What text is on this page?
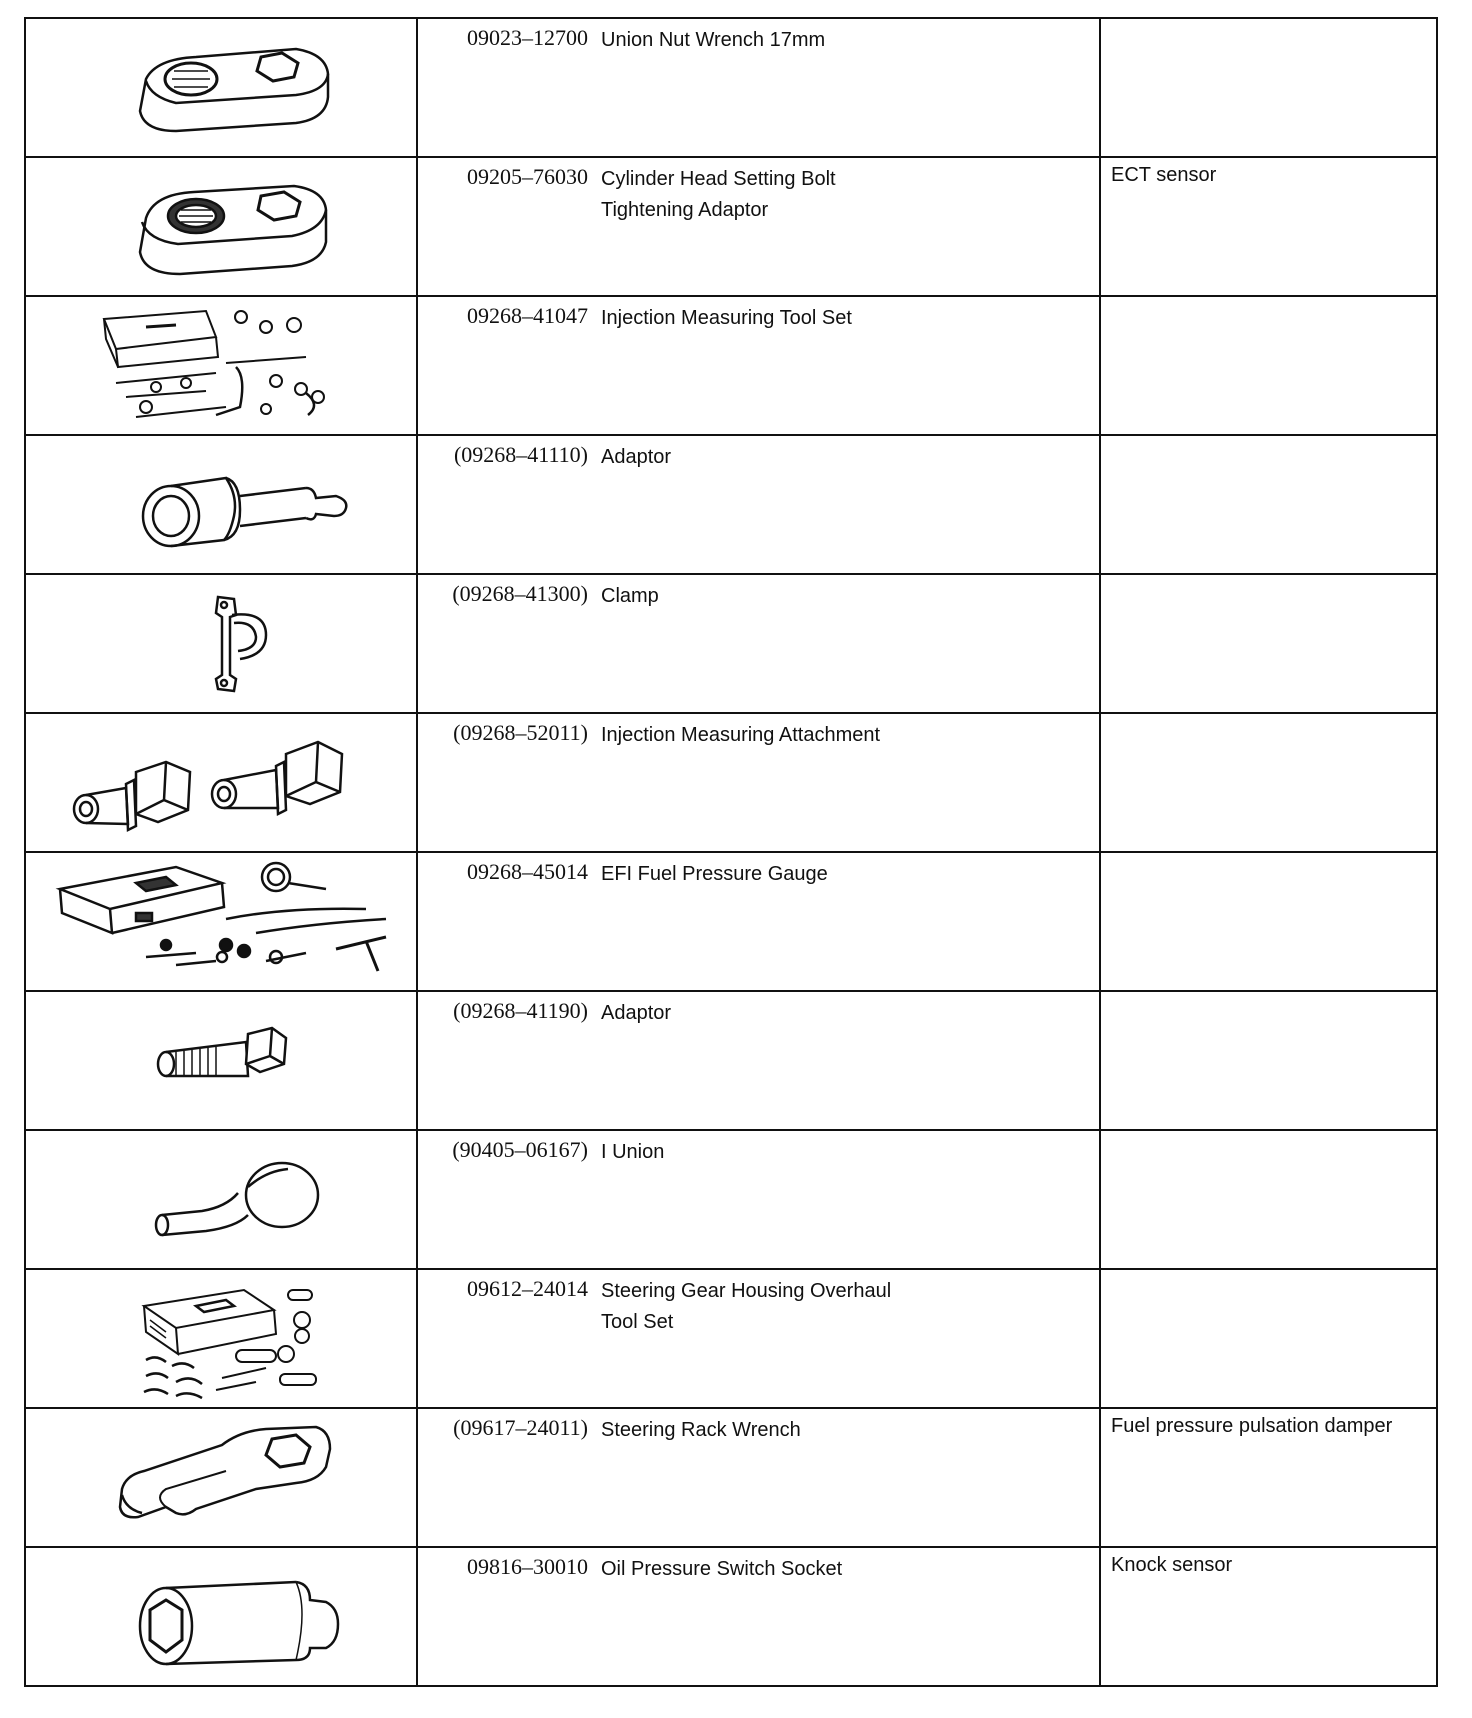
09023–12700 Union Nut Wrench 17mm	

09205–76030 Cylinder Head Setting Bolt
Tightening Adaptor	ECT sensor

09268–41047 Injection Measuring Tool Set	

(09268–41110) Adaptor	

(09268–41300) Clamp	

(09268–52011) Injection Measuring Attachment	

09268–45014 EFI Fuel Pressure Gauge	

(09268–41190) Adaptor	

(90405–06167) I Union	

09612–24014 Steering Gear Housing Overhaul
Tool Set	

(09617–24011) Steering Rack Wrench	Fuel pressure pulsation damper

09816–30010 Oil Pressure Switch Socket	Knock sensor
